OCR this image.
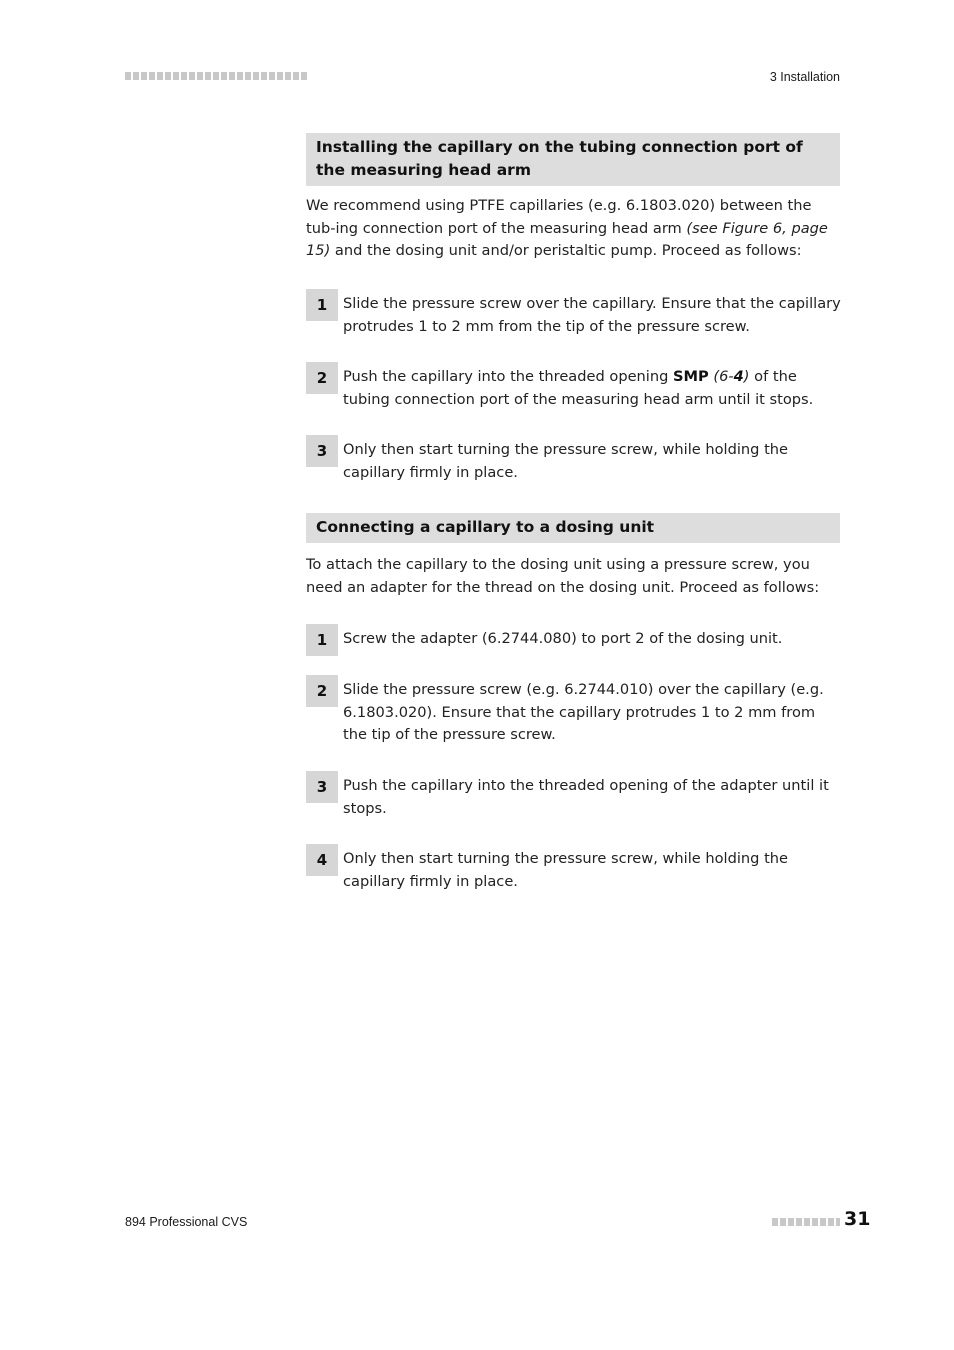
3 Installation
Installing the capillary on the tubing connection port of the measuring head arm

We recommend using PTFE capillaries (e.g. 6.1803.020) between the tub-ing connection port of the measuring head arm (see Figure 6, page 15) and the dosing unit and/or peristaltic pump. Proceed as follows:

1	Slide the pressure screw over the capillary. Ensure that the capillary protrudes 1 to 2 mm from the tip of the pressure screw.
2	Push the capillary into the threaded opening SMP (6-4) of the tubing connection port of the measuring head arm until it stops.
3	Only then start turning the pressure screw, while holding the capillary firmly in place.
Connecting a capillary to a dosing unit

To attach the capillary to the dosing unit using a pressure screw, you need an adapter for the thread on the dosing unit. Proceed as follows:

1	Screw the adapter (6.2744.080) to port 2 of the dosing unit.
2	Slide the pressure screw (e.g. 6.2744.010) over the capillary (e.g. 6.1803.020). Ensure that the capillary protrudes 1 to 2 mm from the tip of the pressure screw.
3	Push the capillary into the threaded opening of the adapter until it stops.
4	Only then start turning the pressure screw, while holding the capillary firmly in place.
894 Professional CVS	31
